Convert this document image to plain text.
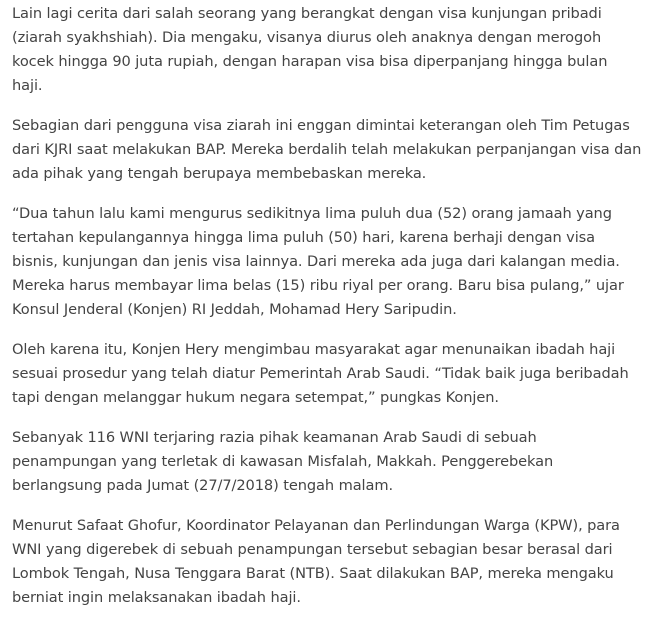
Lain lagi cerita dari salah seorang yang berangkat dengan visa kunjungan pribadi (ziarah syakhshiah). Dia mengaku, visanya diurus oleh anaknya dengan merogoh kocek hingga 90 juta rupiah, dengan harapan visa bisa diperpanjang hingga bulan haji.

Sebagian dari pengguna visa ziarah ini enggan dimintai keterangan oleh Tim Petugas dari KJRI saat melakukan BAP. Mereka berdalih telah melakukan perpanjangan visa dan ada pihak yang tengah berupaya membebaskan mereka.

“Dua tahun lalu kami mengurus sedikitnya lima puluh dua (52) orang jamaah yang tertahan kepulangannya hingga lima puluh (50) hari, karena berhaji dengan visa bisnis, kunjungan dan jenis visa lainnya. Dari mereka ada juga dari kalangan media. Mereka harus membayar lima belas (15) ribu riyal per orang. Baru bisa pulang,” ujar Konsul Jenderal (Konjen) RI Jeddah, Mohamad Hery Saripudin.

Oleh karena itu, Konjen Hery mengimbau masyarakat agar menunaikan ibadah haji sesuai prosedur yang telah diatur Pemerintah Arab Saudi. “Tidak baik juga beribadah tapi dengan melanggar hukum negara setempat,” pungkas Konjen.

Sebanyak 116 WNI terjaring razia pihak keamanan Arab Saudi di sebuah penampungan yang terletak di kawasan Misfalah, Makkah. Penggerebekan berlangsung pada Jumat (27/7/2018) tengah malam.

Menurut Safaat Ghofur, Koordinator Pelayanan dan Perlindungan Warga (KPW), para WNI yang digerebek di sebuah penampungan tersebut sebagian besar berasal dari Lombok Tengah, Nusa Tenggara Barat (NTB). Saat dilakukan BAP, mereka mengaku berniat ingin melaksanakan ibadah haji.
